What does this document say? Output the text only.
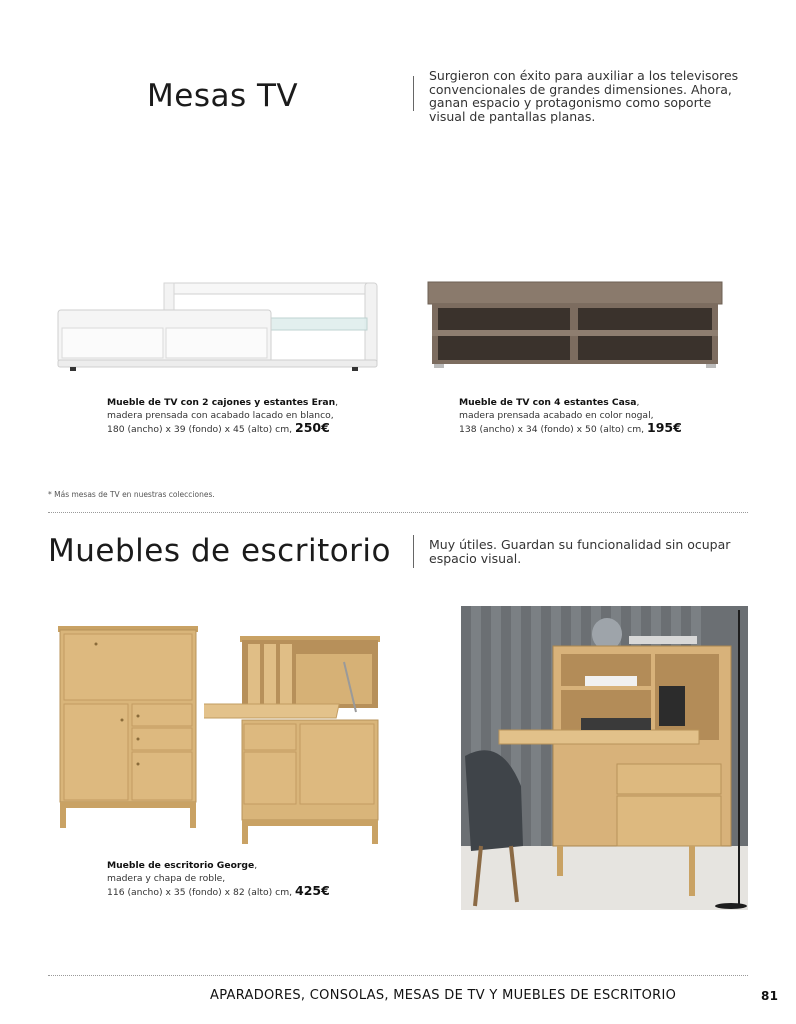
Mesas TV
Surgieron con éxito para auxiliar a los televisores
convencionales de grandes dimensiones. Ahora,
ganan espacio y protagonismo como soporte
visual de pantallas planas.
Mueble de TV con 2 cajones y estantes Eran,
madera prensada con acabado lacado en blanco,
180 (ancho) x 39 (fondo) x 45 (alto) cm, 250€
Mueble de TV con 4 estantes Casa,
madera prensada acabado en color nogal,
138 (ancho) x 34 (fondo) x 50 (alto) cm, 195€
* Más mesas de TV en nuestras colecciones.
Muebles de escritorio	Muy útiles. Guardan su funcionalidad sin ocupar
espacio visual.
Mueble de escritorio George,
madera y chapa de roble,
116 (ancho) x 35 (fondo) x 82 (alto) cm, 425€
APARADORES, CONSOLAS, MESAS DE TV Y MUEBLES DE ESCRITORIO	81
